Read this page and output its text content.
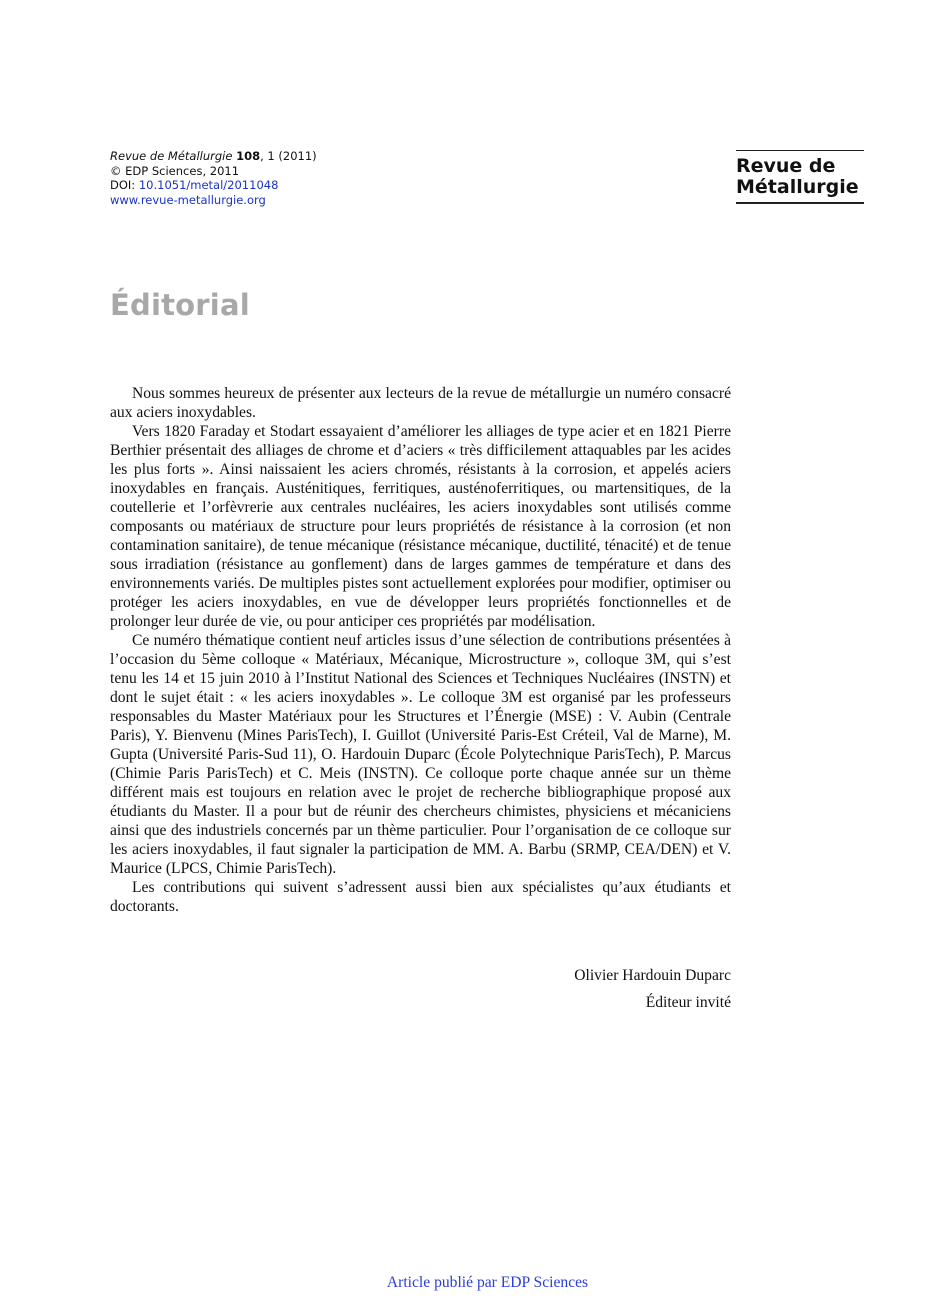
Revue de Métallurgie 108, 1 (2011)
© EDP Sciences, 2011
DOI: 10.1051/metal/2011048
www.revue-metallurgie.org
Revue de
Métallurgie
Éditorial

Nous sommes heureux de présenter aux lecteurs de la revue de métallurgie un numéro consacré aux aciers inoxydables.

Vers 1820 Faraday et Stodart essayaient d’améliorer les alliages de type acier et en 1821 Pierre Berthier présentait des alliages de chrome et d’aciers « très difficilement attaquables par les acides les plus forts ». Ainsi naissaient les aciers chromés, résistants à la corrosion, et appelés aciers inoxydables en français. Austénitiques, ferritiques, austénoferritiques, ou martensitiques, de la coutellerie et l’orfèvrerie aux centrales nucléaires, les aciers inoxydables sont utilisés comme composants ou matériaux de structure pour leurs propriétés de résistance à la corrosion (et non contamination sanitaire), de tenue mécanique (résistance mécanique, ductilité, ténacité) et de tenue sous irradiation (résistance au gonflement) dans de larges gammes de température et dans des environnements variés. De multiples pistes sont actuellement explorées pour modifier, optimiser ou protéger les aciers inoxydables, en vue de développer leurs propriétés fonctionnelles et de prolonger leur durée de vie, ou pour anticiper ces propriétés par modélisation.

Ce numéro thématique contient neuf articles issus d’une sélection de contributions présentées à l’occasion du 5ème colloque « Matériaux, Mécanique, Microstructure », colloque 3M, qui s’est tenu les 14 et 15 juin 2010 à l’Institut National des Sciences et Techniques Nucléaires (INSTN) et dont le sujet était : « les aciers inoxydables ». Le colloque 3M est organisé par les professeurs responsables du Master Matériaux pour les Structures et l’Énergie (MSE) : V. Aubin (Centrale Paris), Y. Bienvenu (Mines ParisTech), I. Guillot (Université Paris-Est Créteil, Val de Marne), M. Gupta (Université Paris-Sud 11), O. Hardouin Duparc (École Polytechnique ParisTech), P. Marcus (Chimie Paris ParisTech) et C. Meis (INSTN). Ce colloque porte chaque année sur un thème différent mais est toujours en relation avec le projet de recherche bibliographique proposé aux étudiants du Master. Il a pour but de réunir des chercheurs chimistes, physiciens et mécaniciens ainsi que des industriels concernés par un thème particulier. Pour l’organisation de ce colloque sur les aciers inoxydables, il faut signaler la participation de MM. A. Barbu (SRMP, CEA/DEN) et V. Maurice (LPCS, Chimie ParisTech).

Les contributions qui suivent s’adressent aussi bien aux spécialistes qu’aux étudiants et doctorants.

Olivier Hardouin Duparc
Éditeur invité
Article publié par EDP Sciences
